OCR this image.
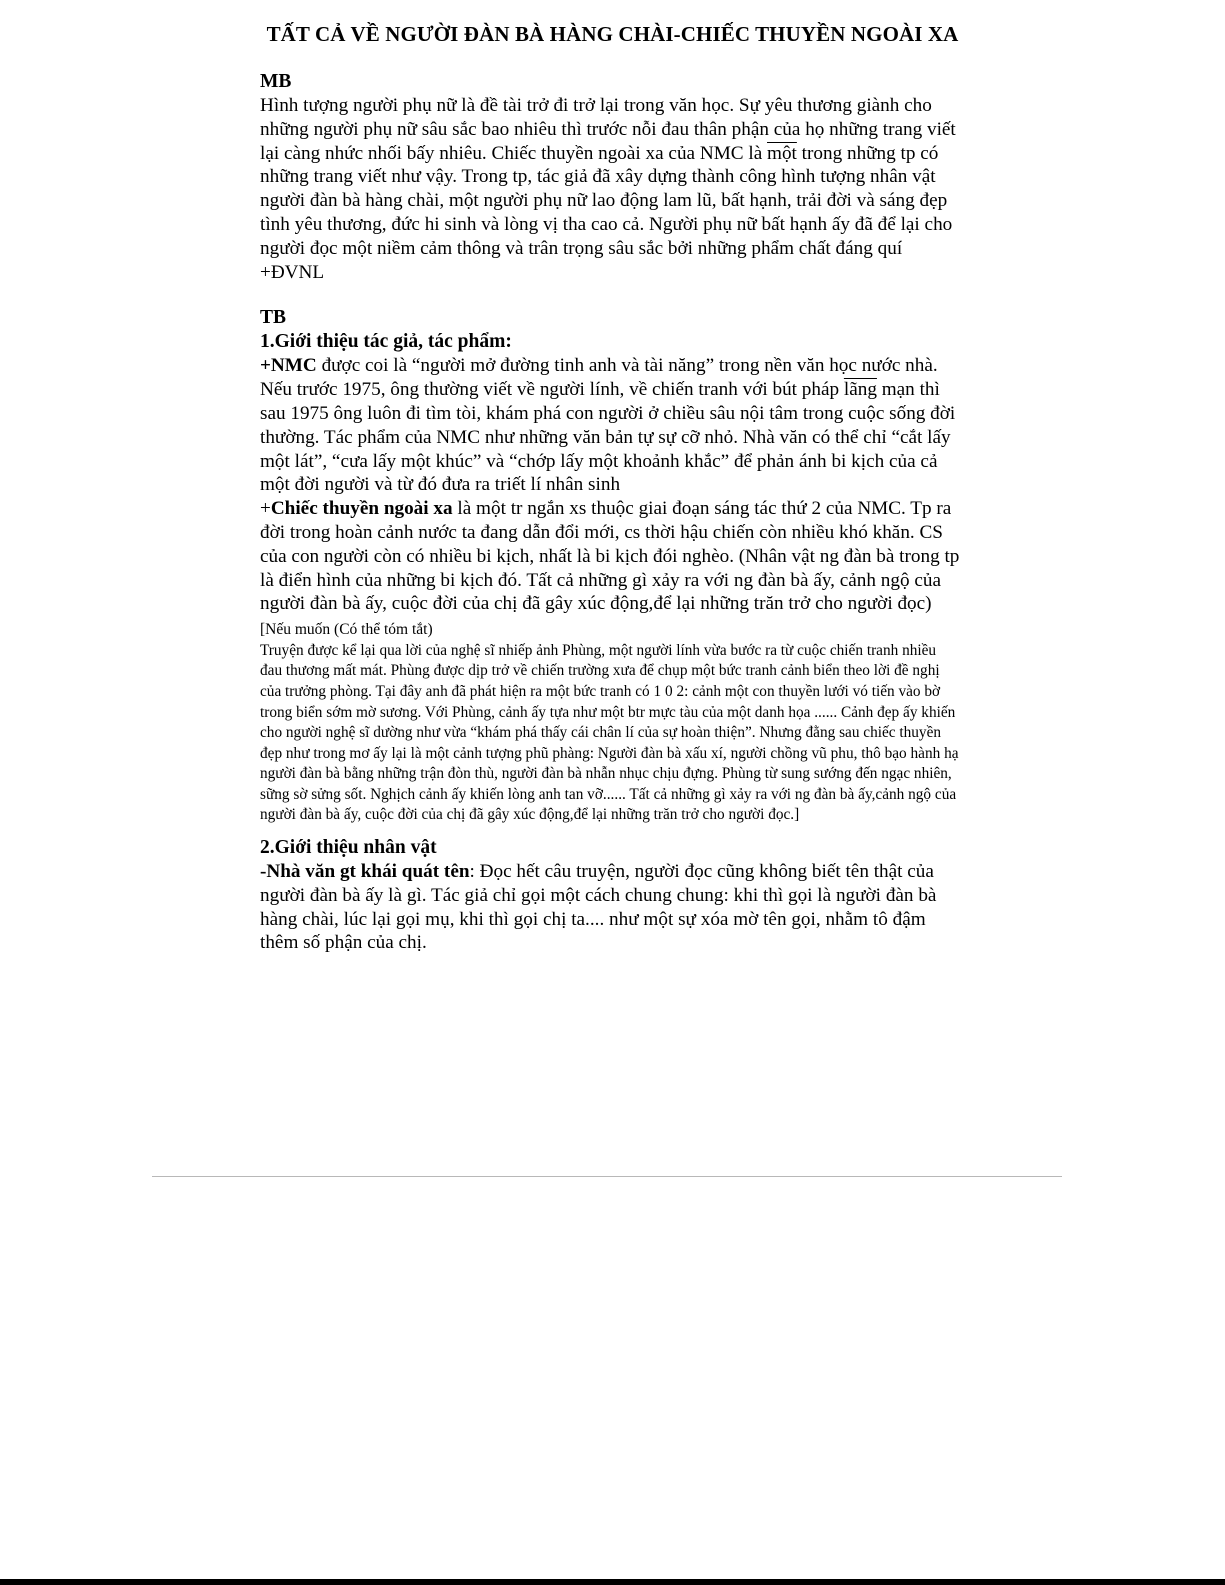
TẤT CẢ VỀ NGƯỜI ĐÀN BÀ HÀNG CHÀI-CHIẾC THUYỀN NGOÀI XA

MB

Hình tượng người phụ nữ là đề tài trở đi trở lại trong văn học. Sự yêu thương giành cho những người phụ nữ sâu sắc bao nhiêu thì trước nỗi đau thân phận của họ những trang viết lại càng nhức nhối bấy nhiêu. Chiếc thuyền ngoài xa của NMC là $\overline{một}$ trong những tp có những trang viết như vậy. Trong tp, tác giả đã xây dựng thành công hình tượng nhân vật người đàn bà hàng chài, một người phụ nữ lao động lam lũ, bất hạnh, trải đời và sáng đẹp tình yêu thương, đức hi sinh và lòng vị tha cao cả. Người phụ nữ bất hạnh ấy đã để lại cho người đọc một niềm cảm thông và trân trọng sâu sắc bởi những phẩm chất đáng quí +ĐVNL

TB

1.Giới thiệu tác giả, tác phẩm:

+NMC được coi là “người mở đường tinh anh và tài năng” trong nền văn học nước nhà. Nếu trước 1975, ông thường viết về người lính, về chiến tranh với bút pháp lãng mạn thì sau 1975 ông luôn đi tìm tòi, khám phá con người ở chiều sâu nội tâm trong cuộc sống đời thường. Tác phẩm của NMC như những văn bản tự sự cỡ nhỏ. Nhà văn có thể chỉ “cắt lấy một lát”, “cưa lấy một khúc” và “chớp lấy một khoảnh khắc” để phản ánh bi kịch của cả một đời người và từ đó đưa ra triết lí nhân sinh

+Chiếc thuyền ngoài xa là một tr ngắn xs thuộc giai đoạn sáng tác thứ 2 của NMC. Tp ra đời trong hoàn cảnh nước ta đang dẫn đổi mới, cs thời hậu chiến còn nhiều khó khăn. CS của con người còn có nhiều bi kịch, nhất là bi kịch đói nghèo. (Nhân vật ng đàn bà trong tp là điển hình của những bi kịch đó. Tất cả những gì xảy ra với ng đàn bà ấy, cảnh ngộ của người đàn bà ấy, cuộc đời của chị đã gây xúc động,để lại những trăn trở cho người đọc)

[Nếu muốn (Có thể tóm tắt)

Truyện được kể lại qua lời của nghệ sĩ nhiếp ảnh Phùng, một người lính vừa bước ra từ cuộc chiến tranh nhiều đau thương mất mát. Phùng được dịp trở về chiến trường xưa để chụp một bức tranh cảnh biển theo lời đề nghị của trưởng phòng. Tại đây anh đã phát hiện ra một bức tranh có 1 0 2: cảnh một con thuyền lưới vó tiến vào bờ trong biển sớm mờ sương. Với Phùng, cảnh ấy tựa như một btr mực tàu của một danh họa ...... Cảnh đẹp ấy khiến cho người nghệ sĩ dường như vừa “khám phá thấy cái chân lí của sự hoàn thiện”. Nhưng đằng sau chiếc thuyền đẹp như trong mơ ấy lại là một cảnh tượng phũ phàng: Người đàn bà xấu xí, người chồng vũ phu, thô bạo hành hạ người đàn bà bằng những trận đòn thù, người đàn bà nhẫn nhục chịu đựng. Phùng từ sung sướng đến ngạc nhiên, sững sờ sửng sốt. Nghịch cảnh ấy khiến lòng anh tan vỡ...... Tất cả những gì xảy ra với ng đàn bà ấy,cảnh ngộ của người đàn bà ấy, cuộc đời của chị đã gây xúc động,để lại những trăn trở cho người đọc.]

2.Giới thiệu nhân vật

-Nhà văn gt khái quát tên: Đọc hết câu truyện, người đọc cũng không biết tên thật của người đàn bà ấy là gì. Tác giả chỉ gọi một cách chung chung: khi thì gọi là người đàn bà hàng chài, lúc lại gọi mụ, khi thì gọi chị ta.... như một sự xóa mờ tên gọi, nhằm tô đậm thêm số phận của chị.
